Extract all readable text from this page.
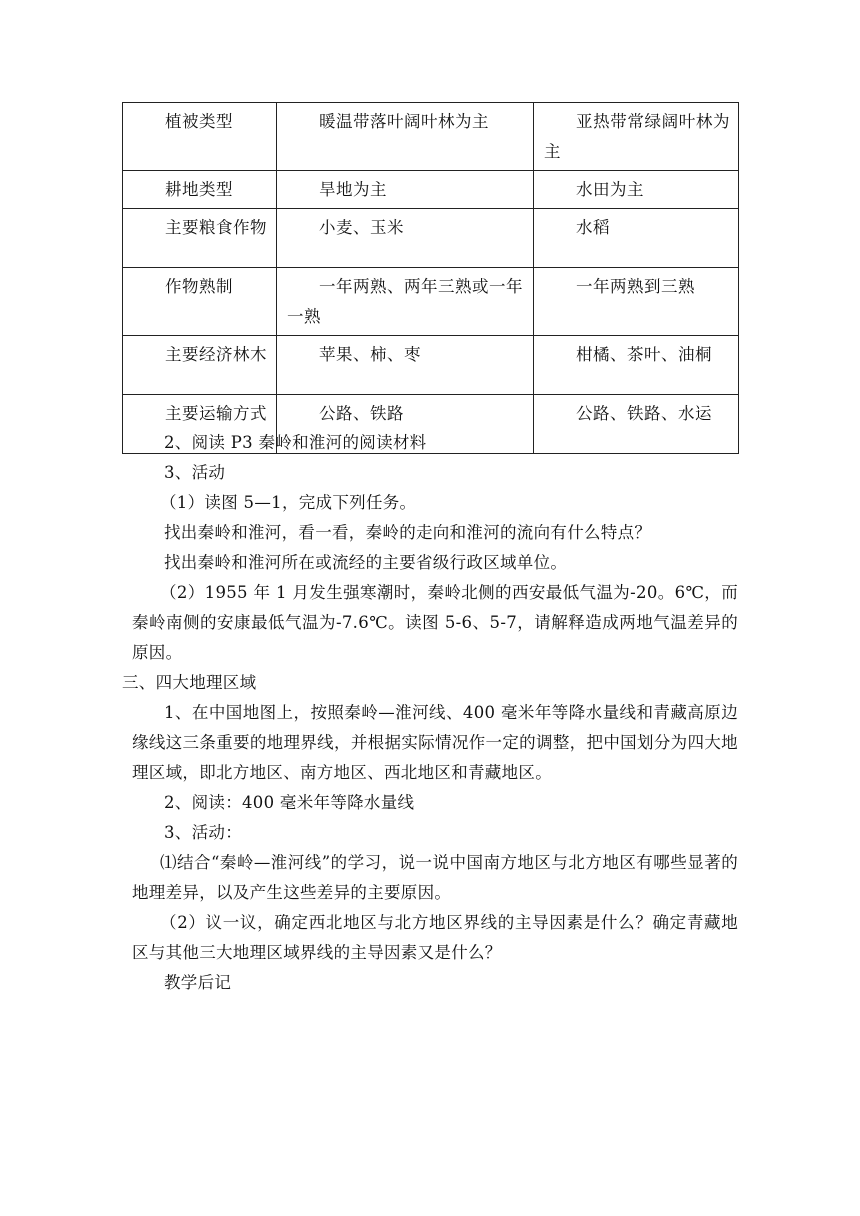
植被类型	暖温带落叶阔叶林为主	亚热带常绿阔叶林为主
耕地类型	旱地为主	水田为主
主要粮食作物	小麦、玉米	水稻
作物熟制	一年两熟、两年三熟或一年一熟	一年两熟到三熟
主要经济林木	苹果、柿、枣	柑橘、茶叶、油桐
主要运输方式	公路、铁路	公路、铁路、水运

2、阅读 P3 秦岭和淮河的阅读材料

3、活动

（1）读图 5—1，完成下列任务。

找出秦岭和淮河，看一看，秦岭的走向和淮河的流向有什么特点？

找出秦岭和淮河所在或流经的主要省级行政区域单位。

（2）1955 年 1 月发生强寒潮时，秦岭北侧的西安最低气温为-20。6℃，而秦岭南侧的安康最低气温为-7.6℃。读图 5-6、5-7，请解释造成两地气温差异的原因。

三、四大地理区域

1、在中国地图上，按照秦岭—淮河线、400 毫米年等降水量线和青藏高原边缘线这三条重要的地理界线，并根据实际情况作一定的调整，把中国划分为四大地理区域，即北方地区、南方地区、西北地区和青藏地区。

2、阅读：400 毫米年等降水量线

3、活动：

⑴结合“秦岭—淮河线”的学习，说一说中国南方地区与北方地区有哪些显著的地理差异，以及产生这些差异的主要原因。

（2）议一议，确定西北地区与北方地区界线的主导因素是什么？确定青藏地区与其他三大地理区域界线的主导因素又是什么？

教学后记
